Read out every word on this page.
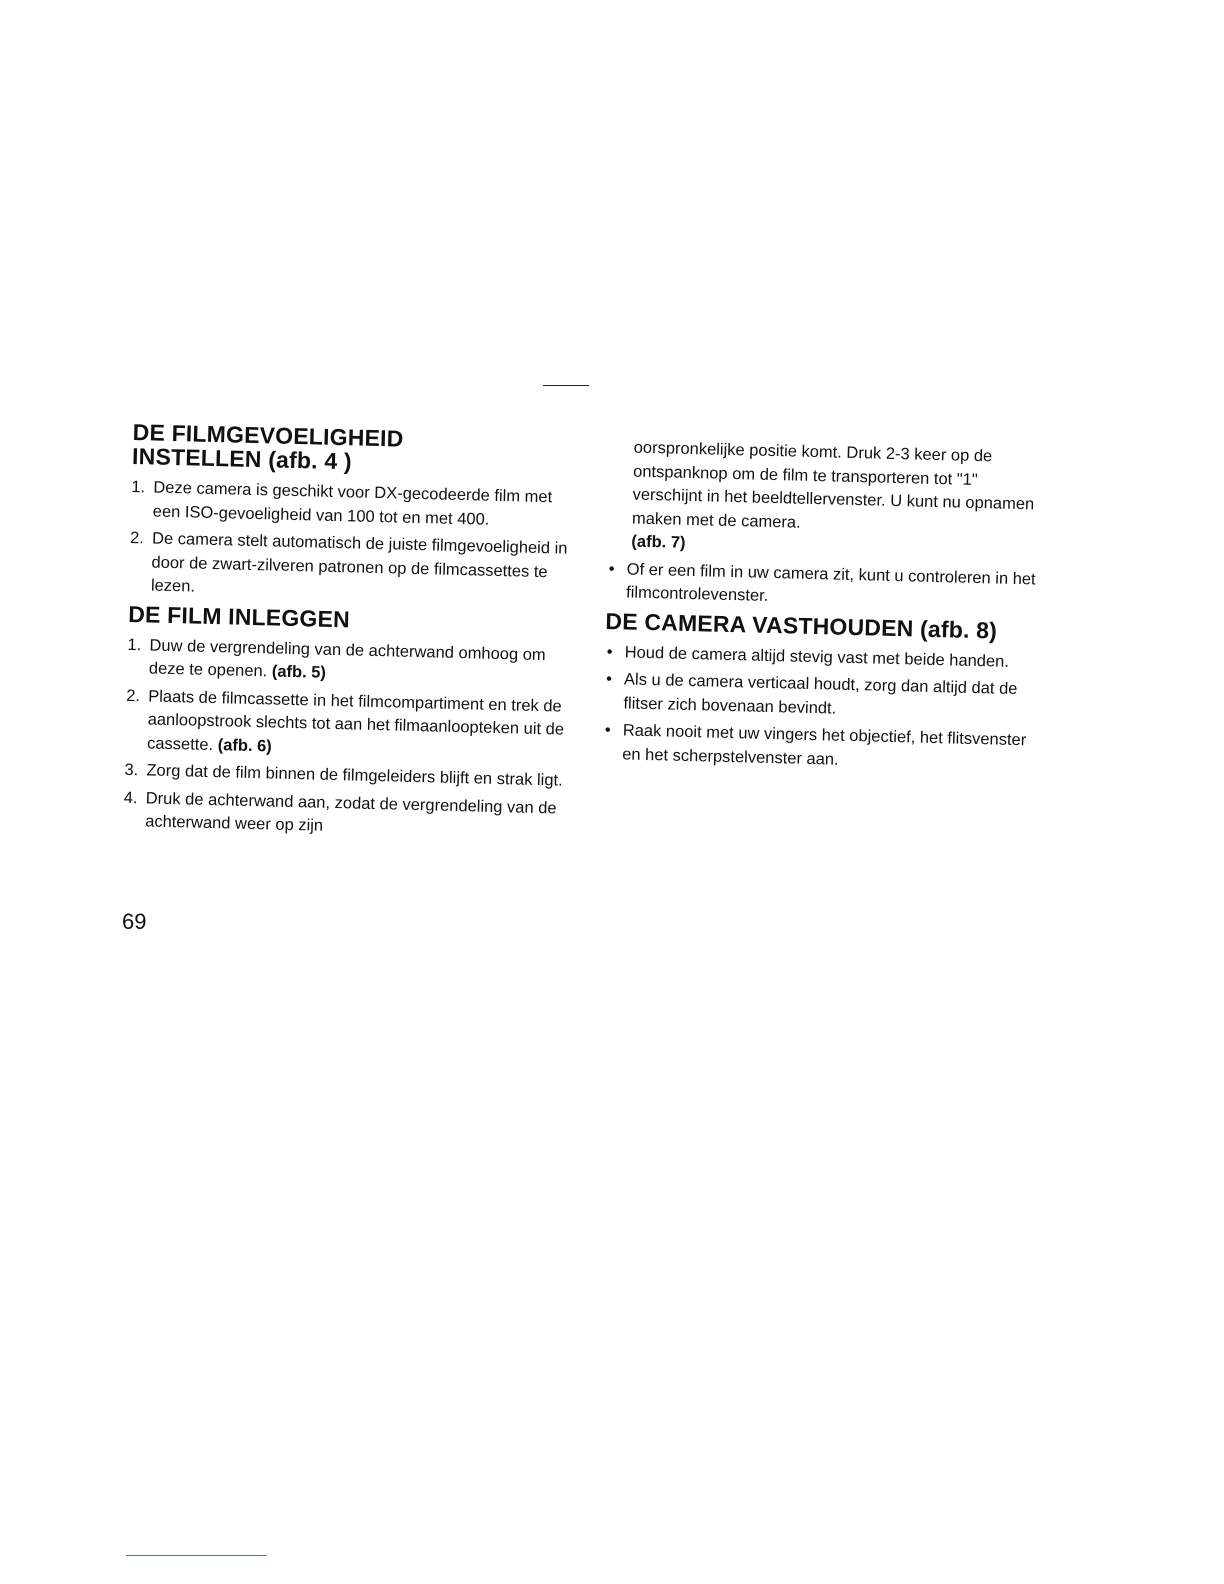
DE FILMGEVOELIGHEID
INSTELLEN (afb. 4 )
1. Deze camera is geschikt voor DX-gecodeerde film met een ISO-gevoeligheid van 100 tot en met 400.
2. De camera stelt automatisch de juiste filmgevoeligheid in door de zwart-zilveren patronen op de filmcassettes te lezen.
DE FILM INLEGGEN
1. Duw de vergrendeling van de achterwand omhoog om deze te openen. (afb. 5)
2. Plaats de filmcassette in het filmcompartiment en trek de aanloopstrook slechts tot aan het filmaanloopteken uit de cassette. (afb. 6)
3. Zorg dat de film binnen de filmgeleiders blijft en strak ligt.
4. Druk de achterwand aan, zodat de vergrendeling van de achterwand weer op zijn

oorspronkelijke positie komt. Druk 2-3 keer op de ontspanknop om de film te transporteren tot "1" verschijnt in het beeldtellervenster. U kunt nu opnamen maken met de camera.
(afb. 7)

• Of er een film in uw camera zit, kunt u controleren in het filmcontrolevenster.
DE CAMERA VASTHOUDEN (afb. 8)
• Houd de camera altijd stevig vast met beide handen.
• Als u de camera verticaal houdt, zorg dan altijd dat de flitser zich bovenaan bevindt.
• Raak nooit met uw vingers het objectief, het flitsvenster en het scherpstelvenster aan.
69
